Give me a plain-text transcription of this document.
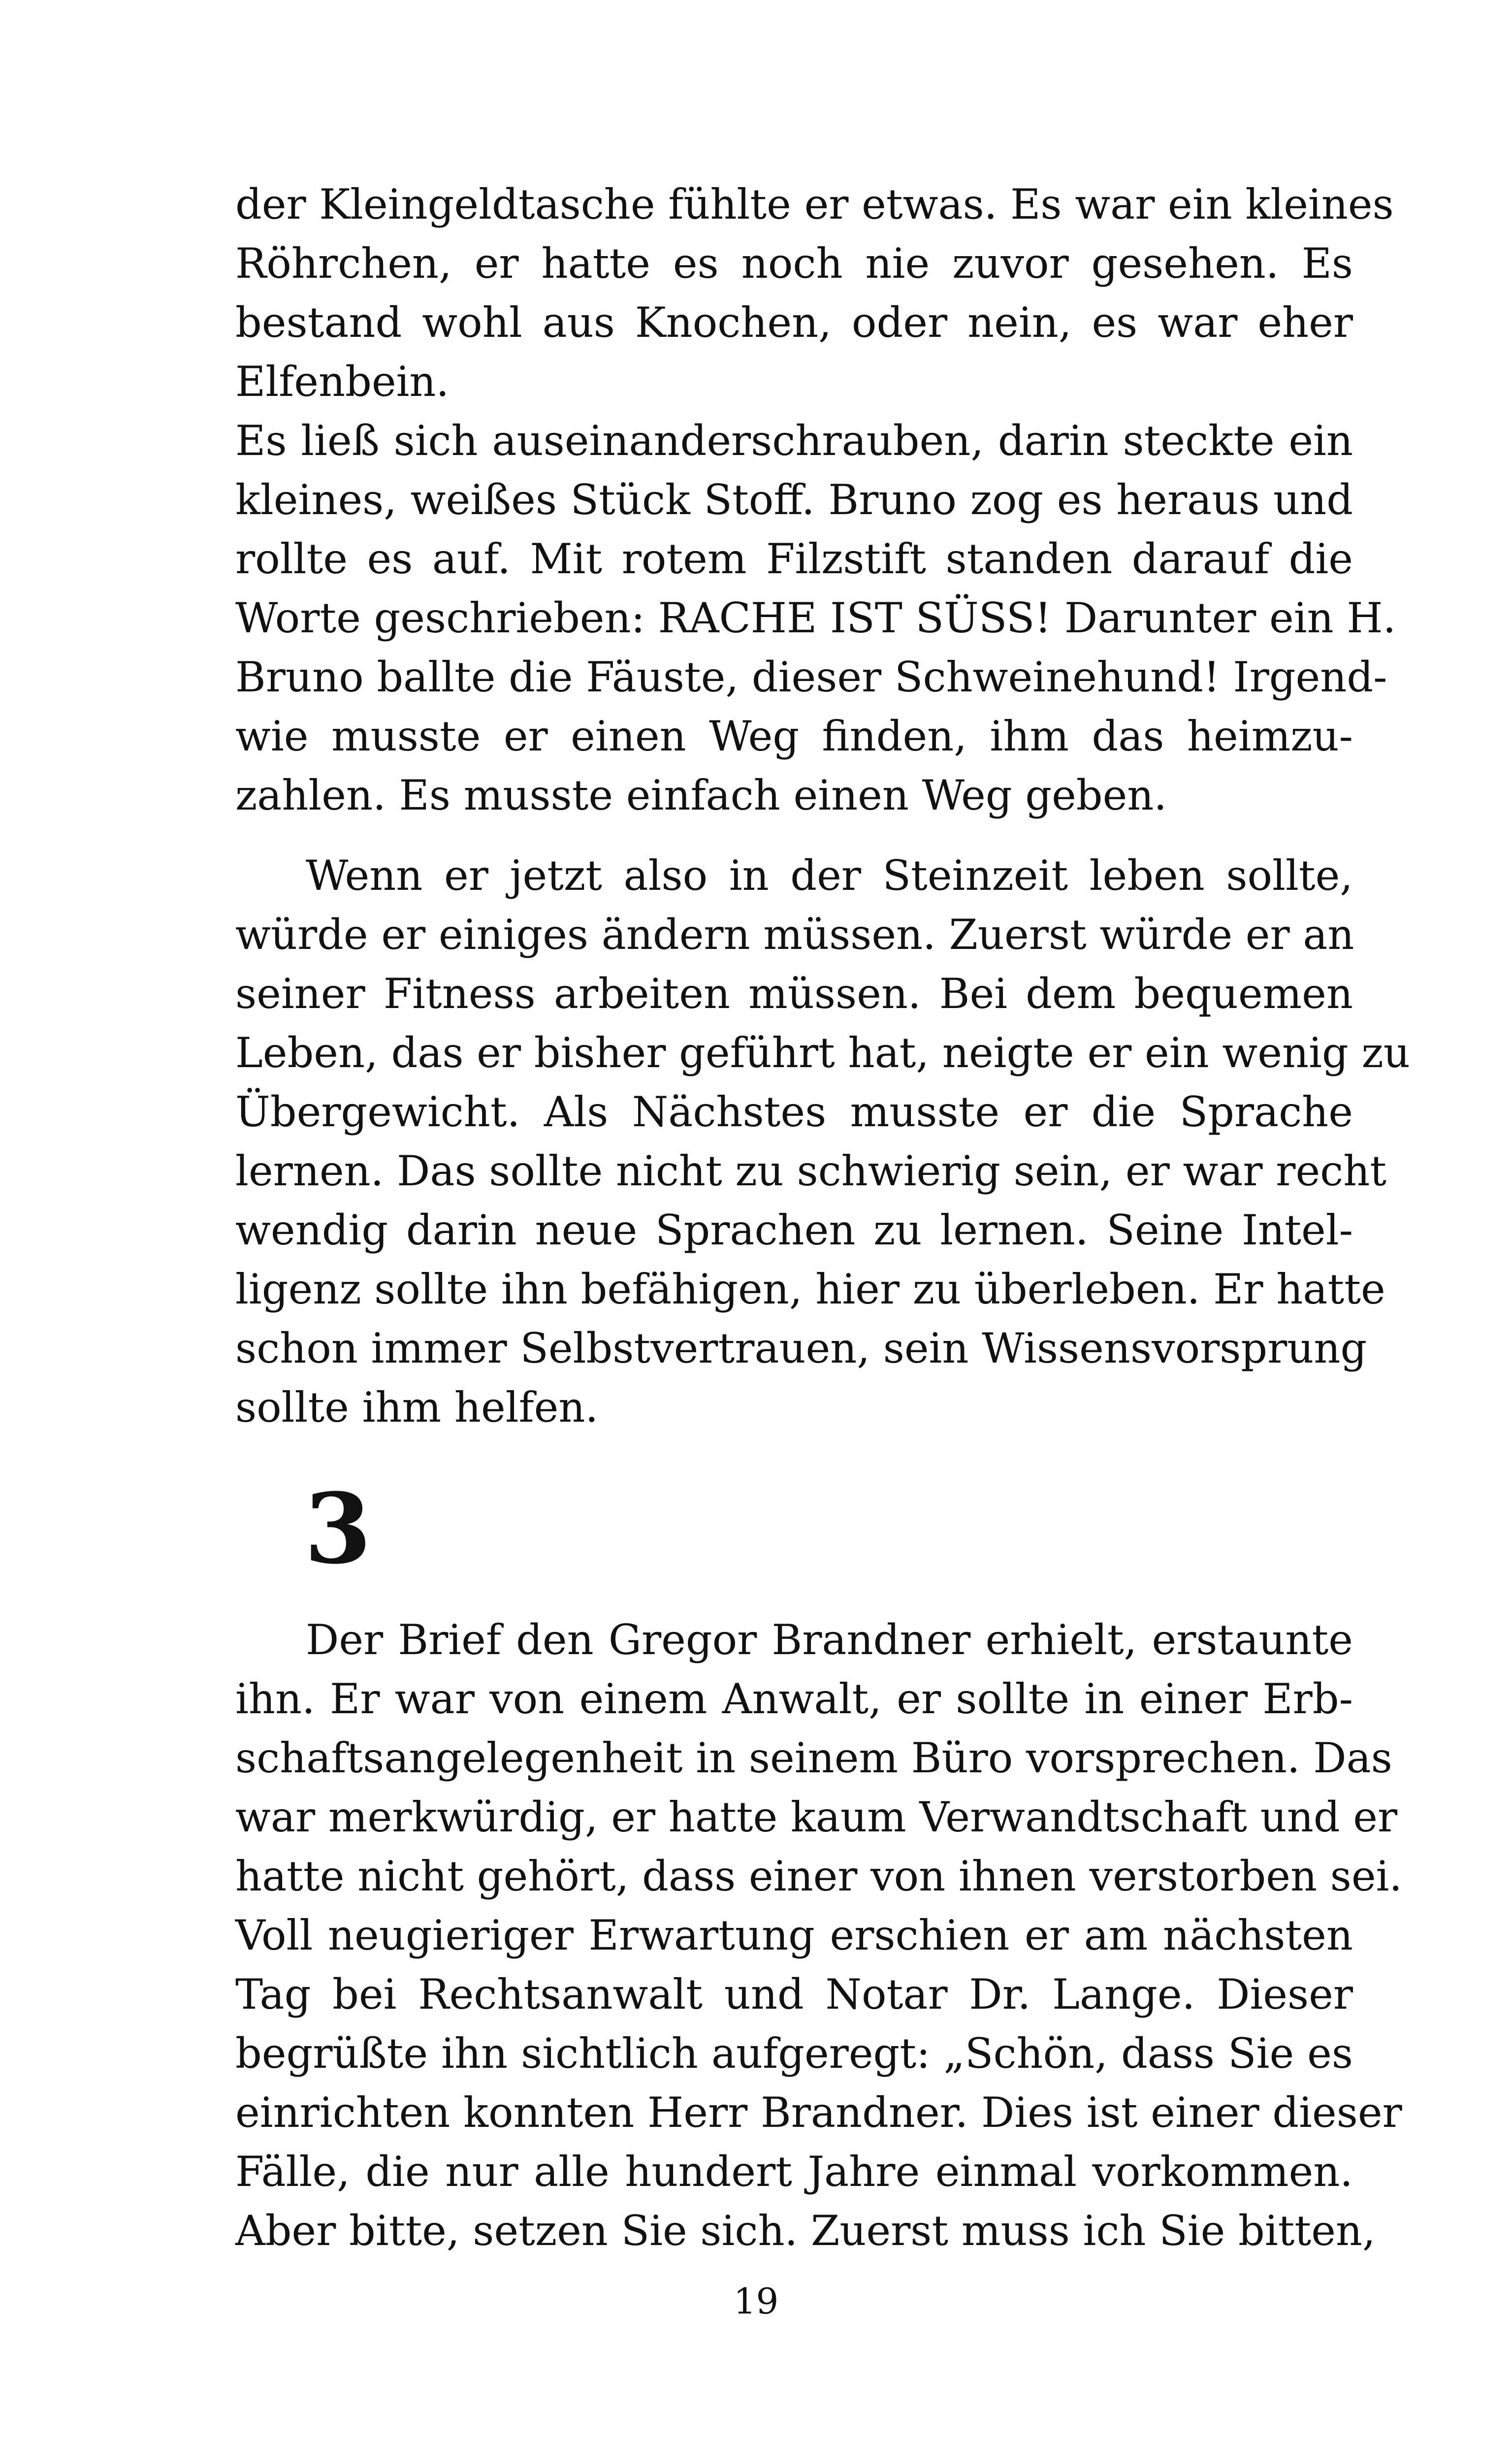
der Kleingeldtasche fühlte er etwas. Es war ein kleines
Röhrchen, er hatte es noch nie zuvor gesehen. Es
bestand wohl aus Knochen, oder nein, es war eher
Elfenbein.
Es ließ sich auseinanderschrauben, darin steckte ein
kleines, weißes Stück Stoff. Bruno zog es heraus und
rollte es auf. Mit rotem Filzstift standen darauf die
Worte geschrieben: RACHE IST SÜSS! Darunter ein H.
Bruno ballte die Fäuste, dieser Schweinehund! Irgend-
wie musste er einen Weg finden, ihm das heimzu-
zahlen. Es musste einfach einen Weg geben.
Wenn er jetzt also in der Steinzeit leben sollte,
würde er einiges ändern müssen. Zuerst würde er an
seiner Fitness arbeiten müssen. Bei dem bequemen
Leben, das er bisher geführt hat, neigte er ein wenig zu
Übergewicht. Als Nächstes musste er die Sprache
lernen. Das sollte nicht zu schwierig sein, er war recht
wendig darin neue Sprachen zu lernen. Seine Intel-
ligenz sollte ihn befähigen, hier zu überleben. Er hatte
schon immer Selbstvertrauen, sein Wissensvorsprung
sollte ihm helfen.
3
Der Brief den Gregor Brandner erhielt, erstaunte
ihn. Er war von einem Anwalt, er sollte in einer Erb-
schaftsangelegenheit in seinem Büro vorsprechen. Das
war merkwürdig, er hatte kaum Verwandtschaft und er
hatte nicht gehört, dass einer von ihnen verstorben sei.
Voll neugieriger Erwartung erschien er am nächsten
Tag bei Rechtsanwalt und Notar Dr. Lange. Dieser
begrüßte ihn sichtlich aufgeregt: „Schön, dass Sie es
einrichten konnten Herr Brandner. Dies ist einer dieser
Fälle, die nur alle hundert Jahre einmal vorkommen.
Aber bitte, setzen Sie sich. Zuerst muss ich Sie bitten,
19
